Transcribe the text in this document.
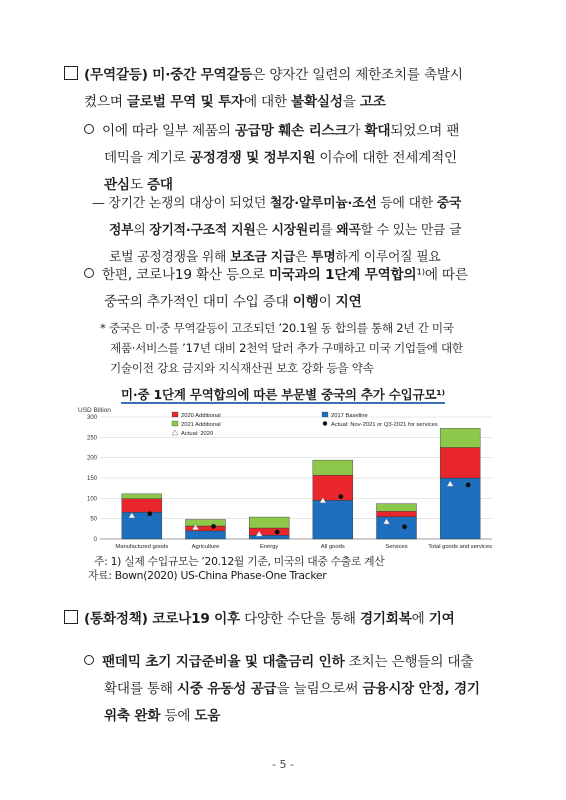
(무역갈등) 미·중간 무역갈등은 양자간 일련의 제한조치를 촉발시
켰으며 글로벌 무역 및 투자에 대한 불확실성을 고조
이에 따라 일부 제품의 공급망 훼손 리스크가 확대되었으며 팬
데믹을 계기로 공정경쟁 및 정부지원 이슈에 대한 전세계적인
관심도 증대
— 장기간 논쟁의 대상이 되었던 철강·알루미늄·조선 등에 대한 중국
정부의 장기적·구조적 지원은 시장원리를 왜곡할 수 있는 만큼 글
로벌 공정경쟁을 위해 보조금 지급은 투명하게 이루어질 필요
한편, 코로나19 확산 등으로 미국과의 1단계 무역합의¹⁾에 따른
중국의 추가적인 대미 수입 증대 이행이 지연
* 중국은 미·중 무역갈등이 고조되던 ’20.1월 동 합의를 통해 2년 간 미국
제품·서비스를 ’17년 대비 2천억 달러 추가 구매하고 미국 기업들에 대한
기술이전 강요 금지와 지식재산권 보호 강화 등을 약속
미·중 1단계 무역합의에 따른 부문별 중국의 추가 수입규모¹⁾
USD Billion
0
50
100
150
200
250
300
Manufactured goods	Agriculture	Energy	All goods	Services	Total goods and services
2020 Additional
2021 Additional
Actual: 2020
2017 Baseline
Actual: Nov-2021 or Q3-2021 for services
주: 1) 실제 수입규모는 ’20.12월 기준, 미국의 대중 수출로 계산
자료: Bown(2020) US-China Phase-One Tracker
(통화정책) 코로나19 이후 다양한 수단을 통해 경기회복에 기여
팬데믹 초기 지급준비율 및 대출금리 인하 조치는 은행들의 대출
확대를 통해 시중 유동성 공급을 늘림으로써 금융시장 안정, 경기
위축 완화 등에 도움
- 5 -
